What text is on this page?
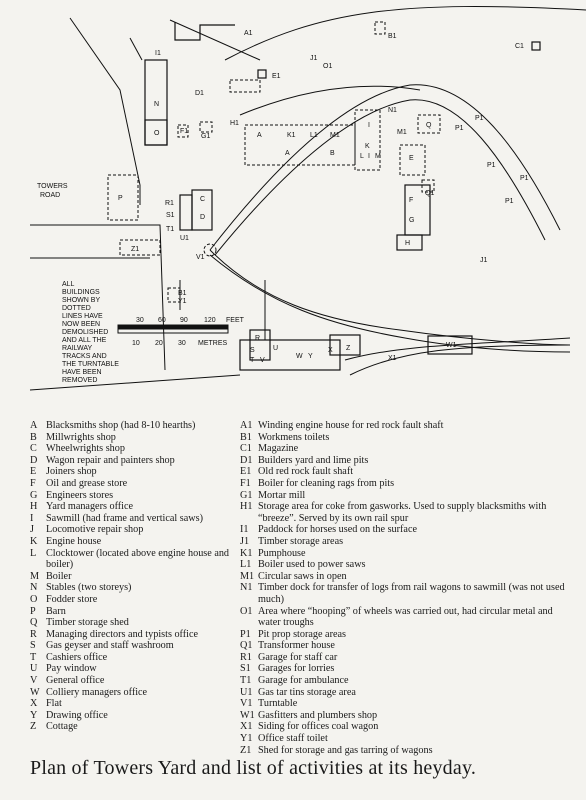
TOWERS
ROAD
30 60 90 120 FEET
10 20 30 METRES
ALL
BUILDINGS
SHOWN BY
DOTTED
LINES HAVE
NOW BEEN
DEMOLISHED
AND ALL THE
RAILWAY
TRACKS AND
THE TURNTABLE
HAVE BEEN
REMOVED
A1	B1
C1
D1
E1
F1
G1
H1
I1
J1
J1
K1 L1 M1
N1
O1
M1
P1
P1
P1
P1
P1
Q1
R1
S1
T1
U1
V1
W1
X1
Y1
B1
Z1
A
A	B
C
D
E
F
G
H
I
L I M
K
N
O
P
Q
R
S
T
U
V
W
X
Y
Z
A Blacksmiths shop (had 8-10 hearths)
B Millwrights shop
C Wheelwrights shop
D Wagon repair and painters shop
E Joiners shop
F	Oil and grease store
G Engineers stores
H Yard managers office
I	Sawmill (had frame and vertical saws)
J	Locomotive repair shop
K Engine house
L Clocktower (located above engine house and boiler)
M Boiler
N Stables (two storeys)
O Fodder store
P	Barn
Q Timber storage shed
R Managing directors and typists office
S	Gas geyser and staff washroom
T Cashiers office
U Pay window
V General office
W Colliery managers office
X Flat
Y Drawing office
Z Cottage
A1 Winding engine house for red rock fault shaft
B1 Workmens toilets
C1 Magazine
D1 Builders yard and lime pits
E1 Old red rock fault shaft
F1 Boiler for cleaning rags from pits
G1 Mortar mill
H1 Storage area for coke from gasworks. Used to supply blacksmiths with “breeze”. Served by its own rail spur
I1 Paddock for horses used on the surface
J1 Timber storage areas
K1 Pumphouse
L1 Boiler used to power saws
M1 Circular saws in open
N1 Timber dock for transfer of logs from rail wagons to sawmill (was not used much)
O1 Area where “hooping” of wheels was carried out, had circular metal and water troughs
P1 Pit prop storage areas
Q1 Transformer house
R1 Garage for staff car
S1 Garages for lorries
T1 Garage for ambulance
U1 Gas tar tins storage area
V1 Turntable
W1 Gasfitters and plumbers shop
X1 Siding for offices coal wagon
Y1 Office staff toilet
Z1 Shed for storage and gas tarring of wagons
Plan of Towers Yard and list of activities at its heyday.
